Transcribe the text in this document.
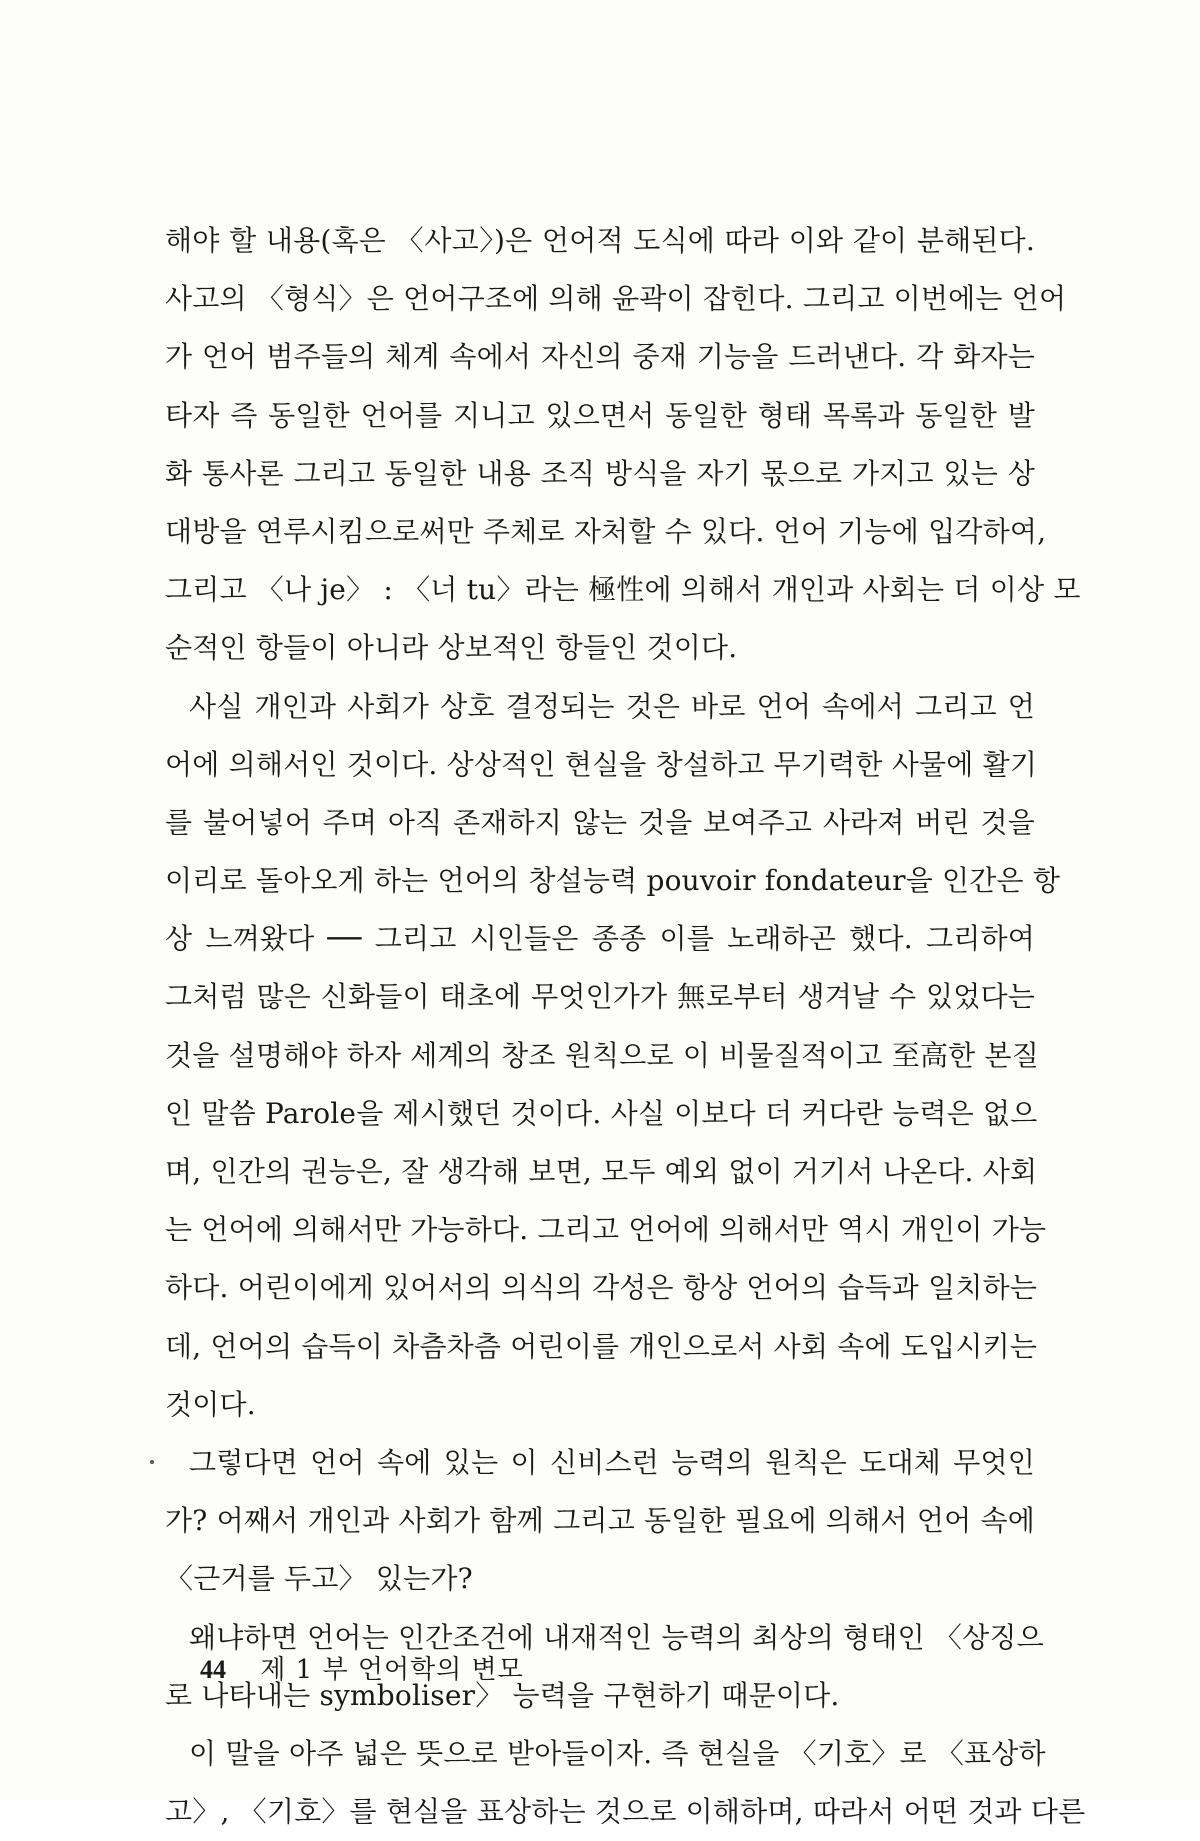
해야 할 내용(혹은 〈사고〉)은 언어적 도식에 따라 이와 같이 분해된다.
사고의 〈형식〉은 언어구조에 의해 윤곽이 잡힌다. 그리고 이번에는 언어
가 언어 범주들의 체계 속에서 자신의 중재 기능을 드러낸다. 각 화자는
타자 즉 동일한 언어를 지니고 있으면서 동일한 형태 목록과 동일한 발
화 통사론 그리고 동일한 내용 조직 방식을 자기 몫으로 가지고 있는 상
대방을 연루시킴으로써만 주체로 자처할 수 있다. 언어 기능에 입각하여,
그리고 〈나 je〉 : 〈너 tu〉라는 極性에 의해서 개인과 사회는 더 이상 모
순적인 항들이 아니라 상보적인 항들인 것이다.
사실 개인과 사회가 상호 결정되는 것은 바로 언어 속에서 그리고 언
어에 의해서인 것이다. 상상적인 현실을 창설하고 무기력한 사물에 활기
를 불어넣어 주며 아직 존재하지 않는 것을 보여주고 사라져 버린 것을
이리로 돌아오게 하는 언어의 창설능력 pouvoir fondateur을 인간은 항
상 느껴왔다 ── 그리고 시인들은 종종 이를 노래하곤 했다. 그리하여
그처럼 많은 신화들이 태초에 무엇인가가 無로부터 생겨날 수 있었다는
것을 설명해야 하자 세계의 창조 원칙으로 이 비물질적이고 至高한 본질
인 말씀 Parole을 제시했던 것이다. 사실 이보다 더 커다란 능력은 없으
며, 인간의 권능은, 잘 생각해 보면, 모두 예외 없이 거기서 나온다. 사회
는 언어에 의해서만 가능하다. 그리고 언어에 의해서만 역시 개인이 가능
하다. 어린이에게 있어서의 의식의 각성은 항상 언어의 습득과 일치하는
데, 언어의 습득이 차츰차츰 어린이를 개인으로서 사회 속에 도입시키는
것이다.
그렇다면 언어 속에 있는 이 신비스런 능력의 원칙은 도대체 무엇인
가? 어째서 개인과 사회가 함께 그리고 동일한 필요에 의해서 언어 속에
〈근거를 두고〉 있는가?
왜냐하면 언어는 인간조건에 내재적인 능력의 최상의 형태인 〈상징으
로 나타내는 symboliser〉 능력을 구현하기 때문이다.
이 말을 아주 넓은 뜻으로 받아들이자. 즉 현실을 〈기호〉로 〈표상하
고〉, 〈기호〉를 현실을 표상하는 것으로 이해하며, 따라서 어떤 것과 다른
44 제 1 부 언어학의 변모
